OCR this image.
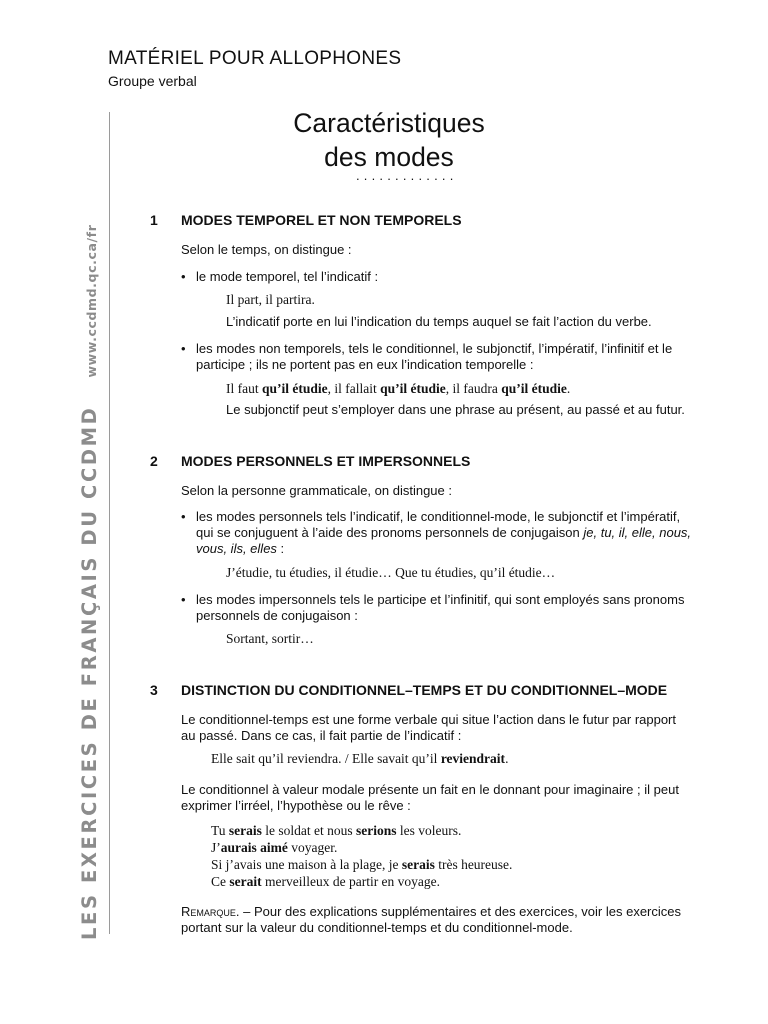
LES EXERCICES DE FRANÇAIS DU CCDMDwww.ccdmd.qc.ca/fr
MATÉRIEL POUR ALLOPHONES
Groupe verbal
Caractéristiques
des modes
.............
1 MODES TEMPOREL ET NON TEMPORELS
Selon le temps, on distingue :
• le mode temporel, tel l’indicatif :
Il part, il partira.
L’indicatif porte en lui l’indication du temps auquel se fait l’action du verbe.
• les modes non temporels, tels le conditionnel, le subjonctif, l’impératif, l’infinitif et le participe ; ils ne portent pas en eux l’indication temporelle :
Il faut qu’il étudie, il fallait qu’il étudie, il faudra qu’il étudie.
Le subjonctif peut s’employer dans une phrase au présent, au passé et au futur.
2 MODES PERSONNELS ET IMPERSONNELS
Selon la personne grammaticale, on distingue :
• les modes personnels tels l’indicatif, le conditionnel-mode, le subjonctif et l’impératif, qui se conjuguent à l’aide des pronoms personnels de conjugaison je, tu, il, elle, nous, vous, ils, elles :
J’étudie, tu étudies, il étudie… Que tu étudies, qu’il étudie…
• les modes impersonnels tels le participe et l’infinitif, qui sont employés sans pronoms personnels de conjugaison :
Sortant, sortir…
3 DISTINCTION DU CONDITIONNEL–TEMPS ET DU CONDITIONNEL–MODE
Le conditionnel-temps est une forme verbale qui situe l’action dans le futur par rapport au passé. Dans ce cas, il fait partie de l’indicatif :
Elle sait qu’il reviendra. / Elle savait qu’il reviendrait.
Le conditionnel à valeur modale présente un fait en le donnant pour imaginaire ; il peut exprimer l’irréel, l’hypothèse ou le rêve :
Tu serais le soldat et nous serions les voleurs.
J’aurais aimé voyager.
Si j’avais une maison à la plage, je serais très heureuse.
Ce serait merveilleux de partir en voyage.
Remarque. – Pour des explications supplémentaires et des exercices, voir les exercices portant sur la valeur du conditionnel-temps et du conditionnel-mode.
